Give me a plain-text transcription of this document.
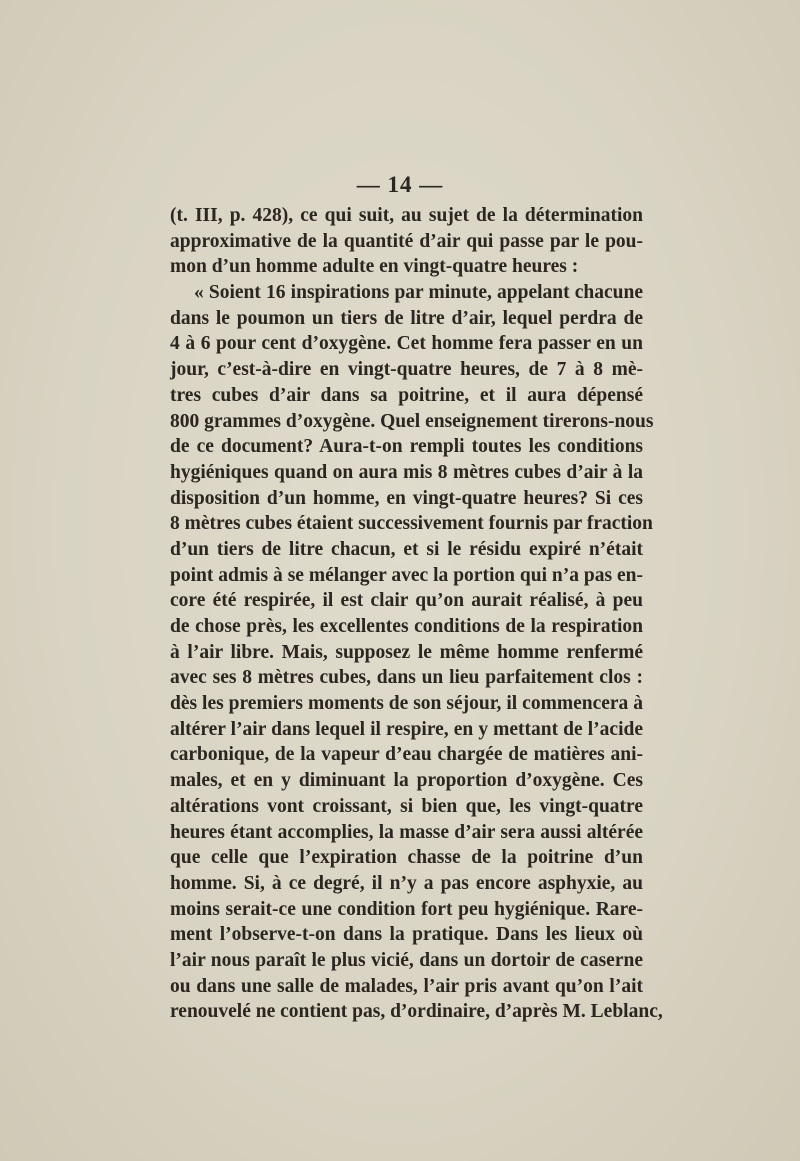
— 14 —
(t. III, p. 428), ce qui suit, au sujet de la détermination
approximative de la quantité d’air qui passe par le pou-
mon d’un homme adulte en vingt-quatre heures :
« Soient 16 inspirations par minute, appelant chacune
dans le poumon un tiers de litre d’air, lequel perdra de
4 à 6 pour cent d’oxygène. Cet homme fera passer en un
jour, c’est-à-dire en vingt-quatre heures, de 7 à 8 mè-
tres cubes d’air dans sa poitrine, et il aura dépensé
800 grammes d’oxygène. Quel enseignement tirerons-nous
de ce document? Aura-t-on rempli toutes les conditions
hygiéniques quand on aura mis 8 mètres cubes d’air à la
disposition d’un homme, en vingt-quatre heures? Si ces
8 mètres cubes étaient successivement fournis par fraction
d’un tiers de litre chacun, et si le résidu expiré n’était
point admis à se mélanger avec la portion qui n’a pas en-
core été respirée, il est clair qu’on aurait réalisé, à peu
de chose près, les excellentes conditions de la respiration
à l’air libre. Mais, supposez le même homme renfermé
avec ses 8 mètres cubes, dans un lieu parfaitement clos :
dès les premiers moments de son séjour, il commencera à
altérer l’air dans lequel il respire, en y mettant de l’acide
carbonique, de la vapeur d’eau chargée de matières ani-
males, et en y diminuant la proportion d’oxygène. Ces
altérations vont croissant, si bien que, les vingt-quatre
heures étant accomplies, la masse d’air sera aussi altérée
que celle que l’expiration chasse de la poitrine d’un
homme. Si, à ce degré, il n’y a pas encore asphyxie, au
moins serait-ce une condition fort peu hygiénique. Rare-
ment l’observe-t-on dans la pratique. Dans les lieux où
l’air nous paraît le plus vicié, dans un dortoir de caserne
ou dans une salle de malades, l’air pris avant qu’on l’ait
renouvelé ne contient pas, d’ordinaire, d’après M. Leblanc,
